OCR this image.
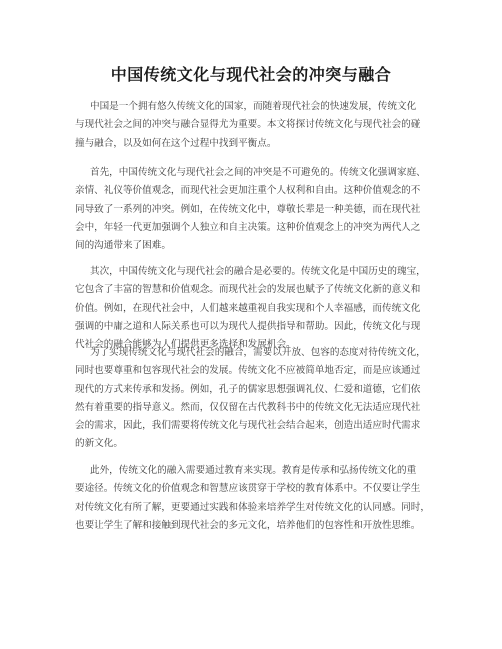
中国传统文化与现代社会的冲突与融合
中国是一个拥有悠久传统文化的国家，而随着现代社会的快速发展，传统文化
与现代社会之间的冲突与融合显得尤为重要。本文将探讨传统文化与现代社会的碰
撞与融合，以及如何在这个过程中找到平衡点。
首先，中国传统文化与现代社会之间的冲突是不可避免的。传统文化强调家庭、
亲情、礼仪等价值观念，而现代社会更加注重个人权利和自由。这种价值观念的不
同导致了一系列的冲突。例如，在传统文化中，尊敬长辈是一种美德，而在现代社
会中，年轻一代更加强调个人独立和自主决策。这种价值观念上的冲突为两代人之
间的沟通带来了困难。
其次，中国传统文化与现代社会的融合是必要的。传统文化是中国历史的瑰宝，
它包含了丰富的智慧和价值观念。而现代社会的发展也赋予了传统文化新的意义和
价值。例如，在现代社会中，人们越来越重视自我实现和个人幸福感，而传统文化
强调的中庸之道和人际关系也可以为现代人提供指导和帮助。因此，传统文化与现
代社会的融合能够为人们提供更多选择和发展机会。
为了实现传统文化与现代社会的融合，需要以开放、包容的态度对待传统文化，
同时也要尊重和包容现代社会的发展。传统文化不应被简单地否定，而是应该通过
现代的方式来传承和发扬。例如，孔子的儒家思想强调礼仪、仁爱和道德，它们依
然有着重要的指导意义。然而，仅仅留在古代教科书中的传统文化无法适应现代社
会的需求，因此，我们需要将传统文化与现代社会结合起来，创造出适应时代需求
的新文化。
此外，传统文化的融入需要通过教育来实现。教育是传承和弘扬传统文化的重
要途径。传统文化的价值观念和智慧应该贯穿于学校的教育体系中。不仅要让学生
对传统文化有所了解，更要通过实践和体验来培养学生对传统文化的认同感。同时，
也要让学生了解和接触到现代社会的多元文化，培养他们的包容性和开放性思维。
